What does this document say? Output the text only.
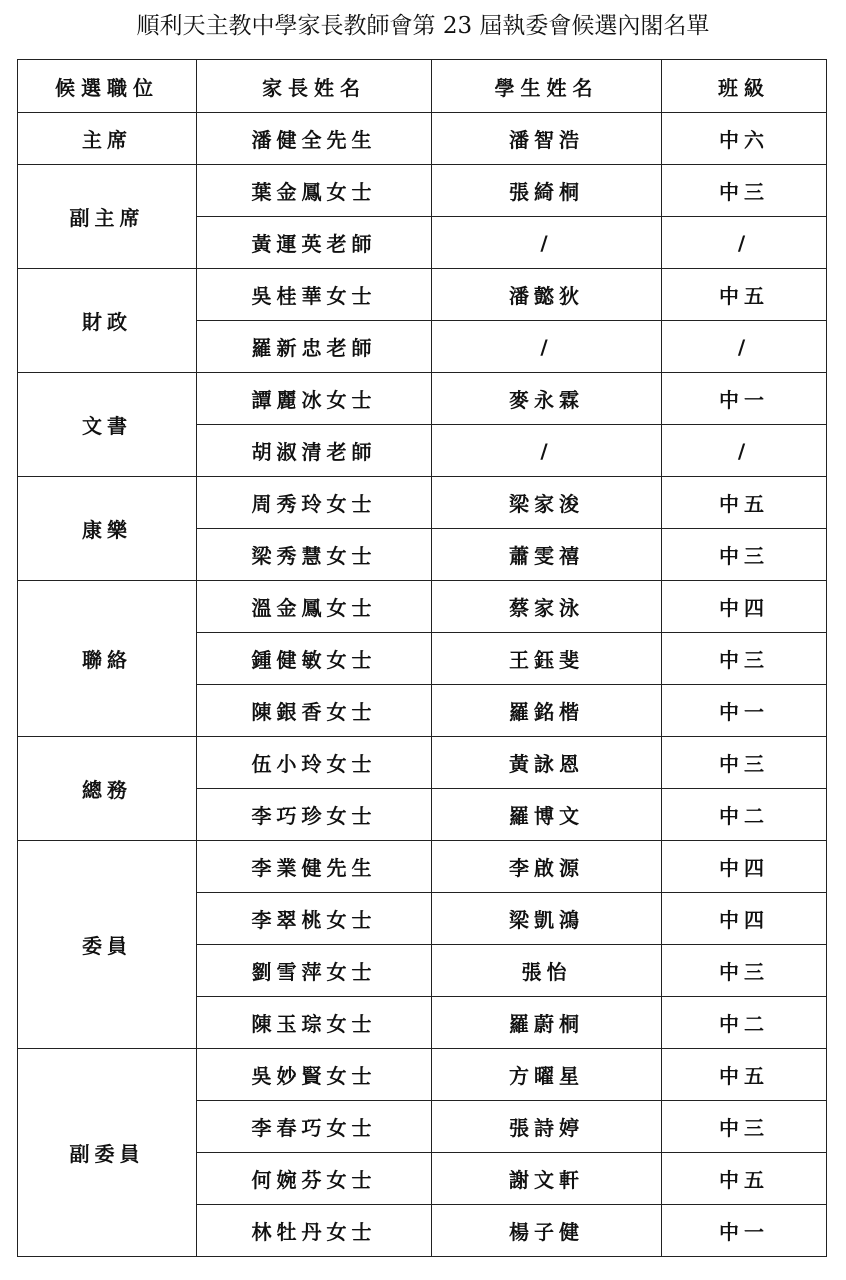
順利天主教中學家長教師會第 23 屆執委會候選內閣名單
候選職位	家長姓名	學生姓名	班級
主席	潘健全先生	潘智浩	中六
副主席	葉金鳳女士	張綺桐	中三
	黃運英老師	/	/
財政	吳桂華女士	潘懿狄	中五
	羅新忠老師	/	/
文書	譚麗冰女士	麥永霖	中一
	胡淑清老師	/	/
康樂	周秀玲女士	梁家浚	中五
	梁秀慧女士	蕭雯禧	中三
聯絡	溫金鳳女士	蔡家泳	中四
	鍾健敏女士	王鈺斐	中三
	陳銀香女士	羅銘楷	中一
總務	伍小玲女士	黃詠恩	中三
	李巧珍女士	羅博文	中二
委員	李業健先生	李啟源	中四
	李翠桃女士	梁凱鴻	中四
	劉雪萍女士	張怡	中三
	陳玉琮女士	羅蔚桐	中二
副委員	吳妙賢女士	方曜星	中五
	李春巧女士	張詩婷	中三
	何婉芬女士	謝文軒	中五
	林牡丹女士	楊子健	中一
